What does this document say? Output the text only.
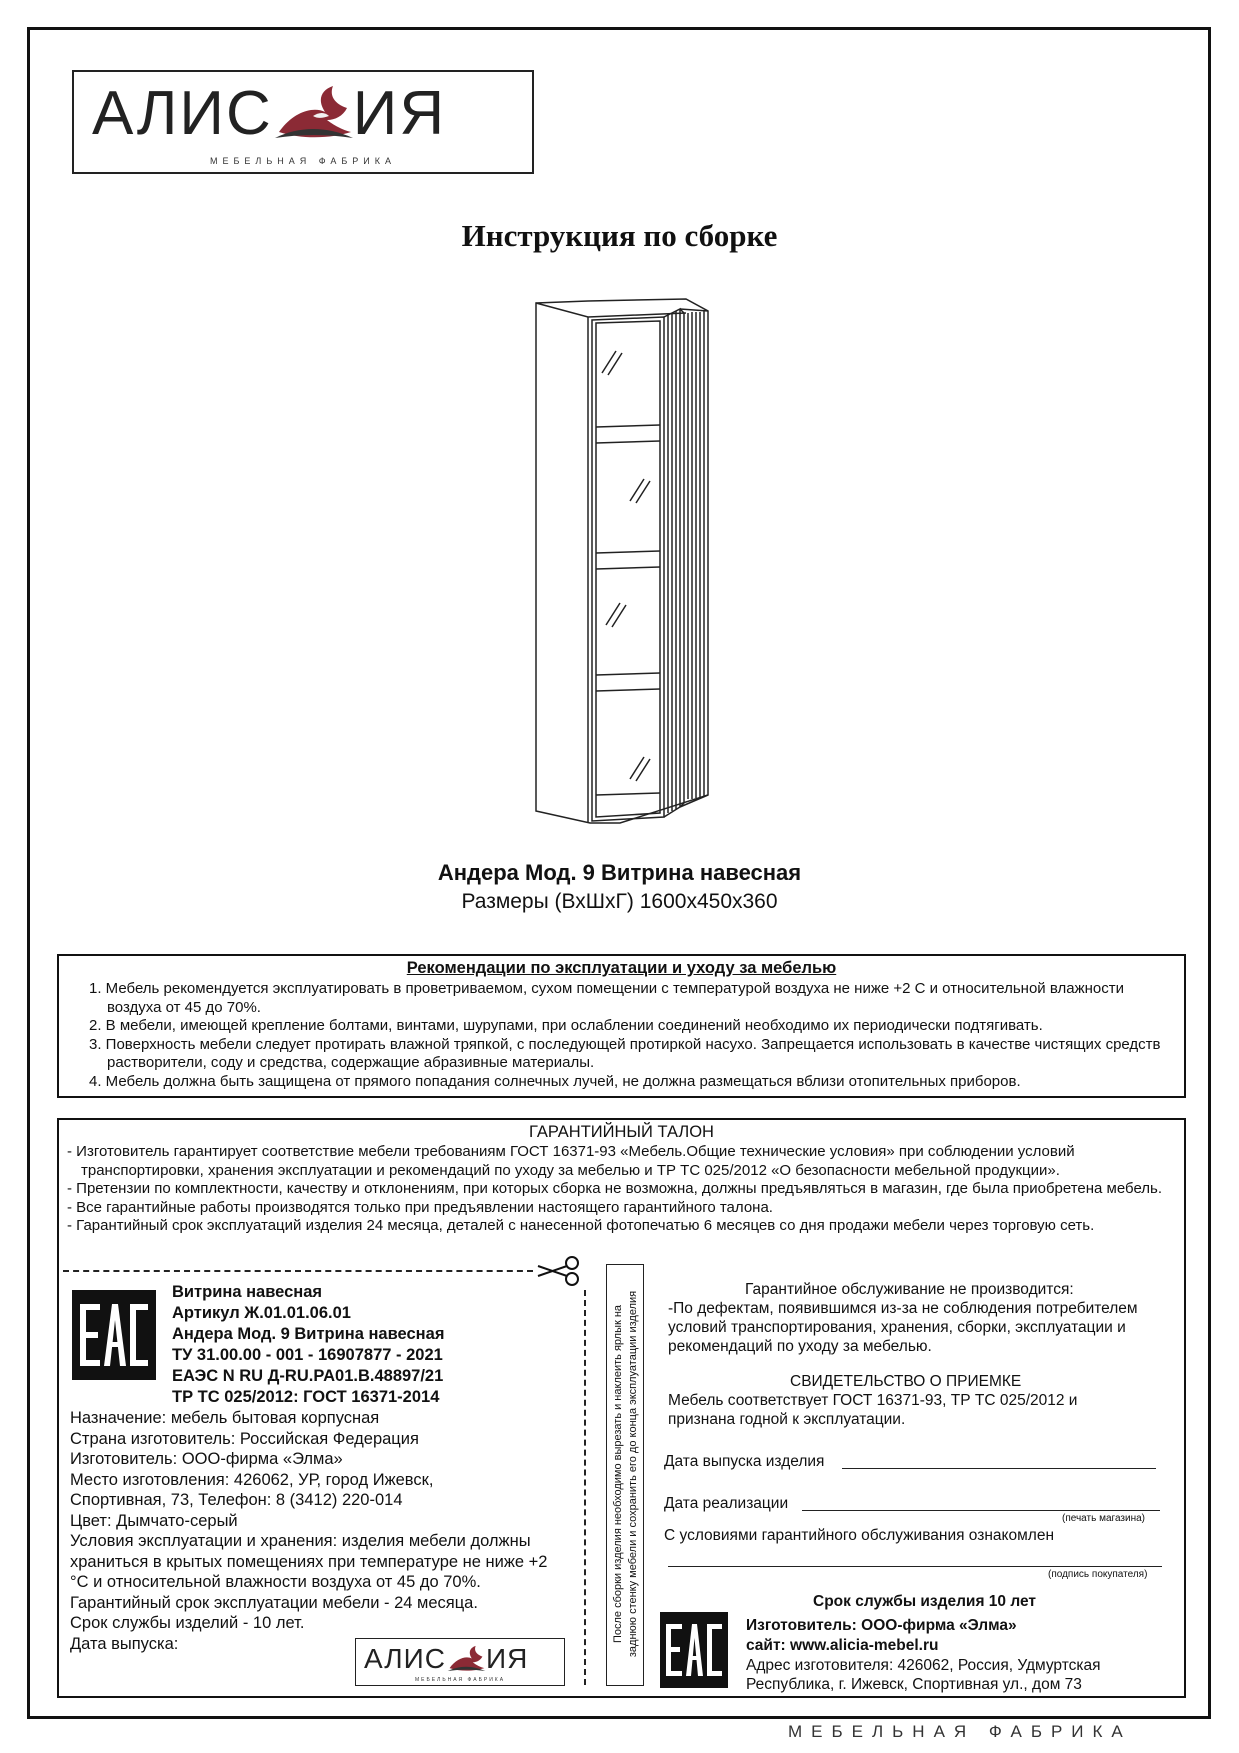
АЛИС ИЯ
МЕБЕЛЬНАЯ ФАБРИКА
Инструкция по сборке
Андера Мод. 9 Витрина навесная
Размеры (ВхШхГ) 1600x450x360
Рекомендации по эксплуатации и уходу за мебелью
1. Мебель рекомендуется эксплуатировать в проветриваемом, сухом помещении с температурой воздуха не ниже +2 С и относительной влажности воздуха от 45 до 70%.
2. В мебели, имеющей крепление болтами, винтами, шурупами, при ослаблении соединений необходимо их периодически подтягивать.
3. Поверхность мебели следует протирать влажной тряпкой, с последующей протиркой насухо. Запрещается использовать в качестве чистящих средств растворители, соду и средства, содержащие абразивные материалы.
4. Мебель должна быть защищена от прямого попадания солнечных лучей, не должна размещаться вблизи отопительных приборов.
ГАРАНТИЙНЫЙ ТАЛОН
- Изготовитель гарантирует соответствие мебели требованиям ГОСТ 16371-93 «Мебель.Общие технические условия» при соблюдении условий транспортировки, хранения эксплуатации и рекомендаций по уходу за мебелью и ТР ТС 025/2012 «О безопасности мебельной продукции».
- Претензии по комплектности, качеству и отклонениям, при которых сборка не возможна, должны предъявляться в магазин, где была приобретена мебель.
- Все гарантийные работы производятся только при предъявлении настоящего гарантийного талона.
- Гарантийный срок эксплуатаций изделия 24 месяца, деталей с нанесенной фотопечатью 6 месяцев со дня продажи мебели через торговую сеть.
Витрина навесная
Артикул Ж.01.01.06.01
Андера Мод. 9 Витрина навесная
ТУ 31.00.00 - 001 - 16907877 - 2021
ЕАЭС N RU Д-RU.PA01.B.48897/21
ТР ТС 025/2012: ГОСТ 16371-2014
Назначение: мебель бытовая корпусная
Страна изготовитель: Российская Федерация
Изготовитель: ООО-фирма «Элма»
Место изготовления: 426062, УР, город Ижевск, Спортивная, 73, Телефон: 8 (3412) 220-014
Цвет: Дымчато-серый
Условия эксплуатации и хранения: изделия мебели должны храниться в крытых помещениях при температуре не ниже +2 °С и относительной влажности воздуха от 45 до 70%.
Гарантийный срок эксплуатации мебели - 24 месяца.
Срок службы изделий - 10 лет.
Дата выпуска:	АЛИС ИЯ
МЕБЕЛЬНАЯ ФАБРИКА
После сборки изделия необходимо вырезать и наклеить ярлык на заднюю стенку мебели и сохранить его до конца эксплуатации изделия
Гарантийное обслуживание не производится:
-По дефектам, появившимся из-за не соблюдения потребителем условий транспортирования, хранения, сборки, эксплуатации и рекомендаций по уходу за мебелью.
СВИДЕТЕЛЬСТВО О ПРИЕМКЕ
Мебель соответствует ГОСТ 16371-93, ТР ТС 025/2012 и признана годной к эксплуатации.
Дата выпуска изделия
Дата реализации
(печать магазина)
С условиями гарантийного обслуживания ознакомлен
(подпись покупателя)
Срок службы изделия 10 лет
Изготовитель: ООО-фирма «Элма»
сайт: www.alicia-mebel.ru
Адрес изготовителя: 426062, Россия, Удмуртская Республика, г. Ижевск, Спортивная ул., дом 73
МЕБЕЛЬНАЯ ФАБРИКА
